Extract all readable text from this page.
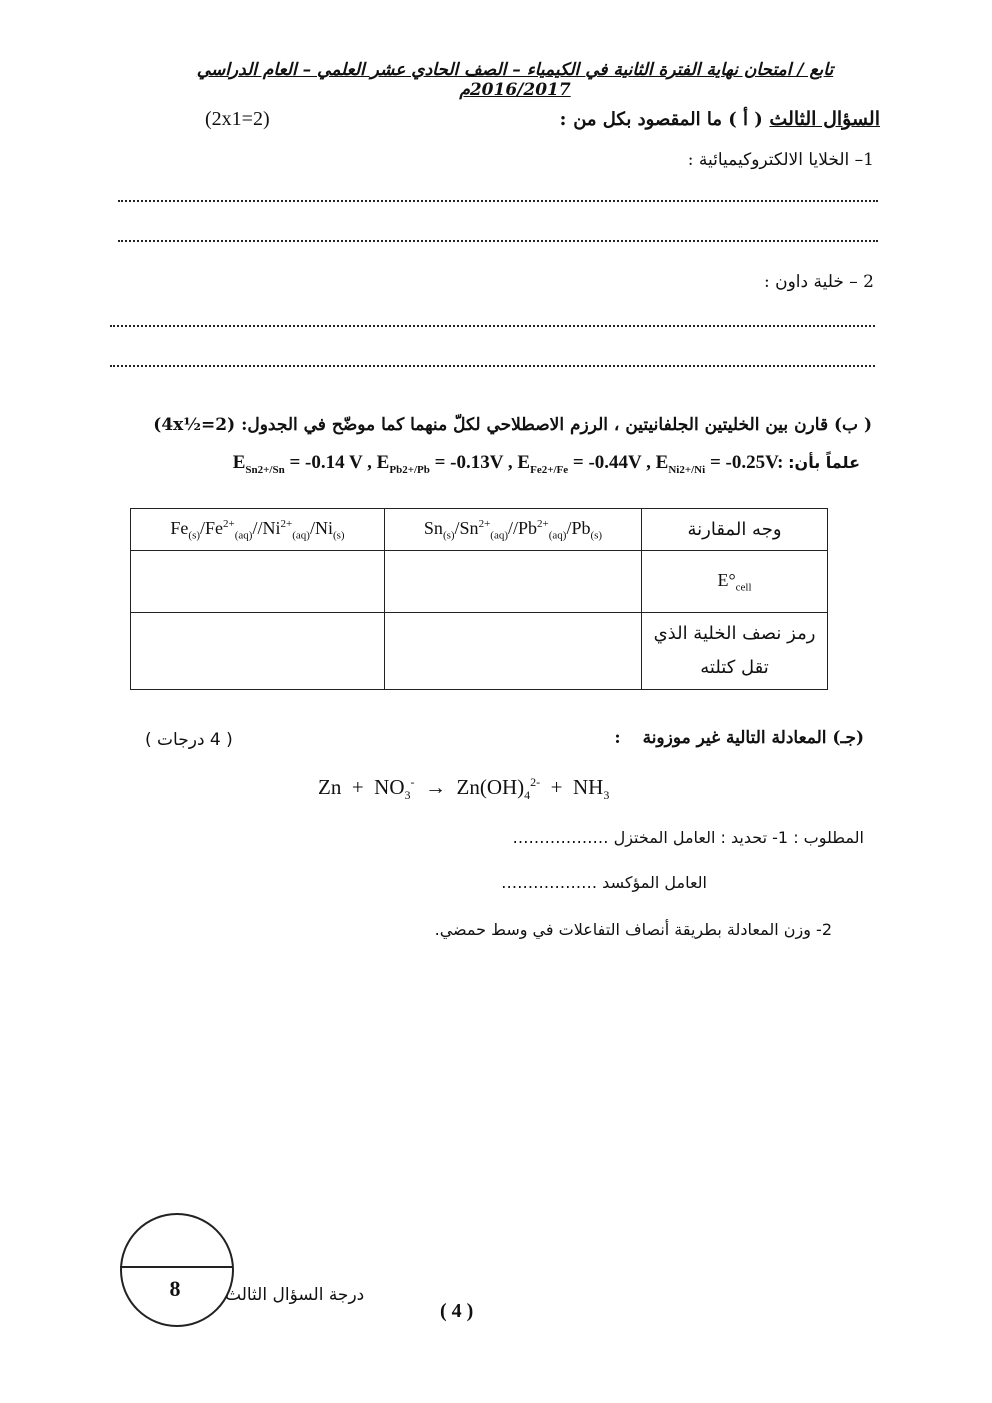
تابع / امتحان نهاية الفترة الثانية في الكيمياء – الصف الحادي عشر العلمي – العام الدراسي 2016/2017م
السؤال الثالث ( أ ) ما المقصود بكل من :
(2x1=2)
1– الخلايا الالكتروكيميائية :
2 – خلية داون :
( ب) قارن بين الخليتين الجلفانيتين ، الرزم الاصطلاحي لكلّ منهما كما موضّح في الجدول: (4x½=2)
علماً بأن: $E_{Sn2+/Sn} = -0.14$ V , $E_{Pb2+/Pb} = -0.13V$ , $E_{Fe2+/Fe} = -0.44V$ , $E_{Ni2+/Ni} = -0.25V$:
$Fe_{(s)}/Fe^{2+}_{(aq)}//Ni^{2+}_{(aq)}/Ni_{(s)}$	$Sn_{(s)}/Sn^{2+}_{(aq)}//Pb^{2+}_{(aq)}/Pb_{(s)}$	وجه المقارنة
		$E^\circ_{cell}$

		رمز نصف الخلية الذي
تقل كتلته
(جـ) المعادلة التالية غير موزونة :
( 4 درجات )
$Zn + NO_3^- \to Zn(OH)_4^{2-} + NH_3$
المطلوب : 1- تحديد : العامل المختزل ………………
العامل المؤكسد ………………
2- وزن المعادلة بطريقة أنصاف التفاعلات في وسط حمضي.
8	درجة السؤال الثالث
( 4 )
